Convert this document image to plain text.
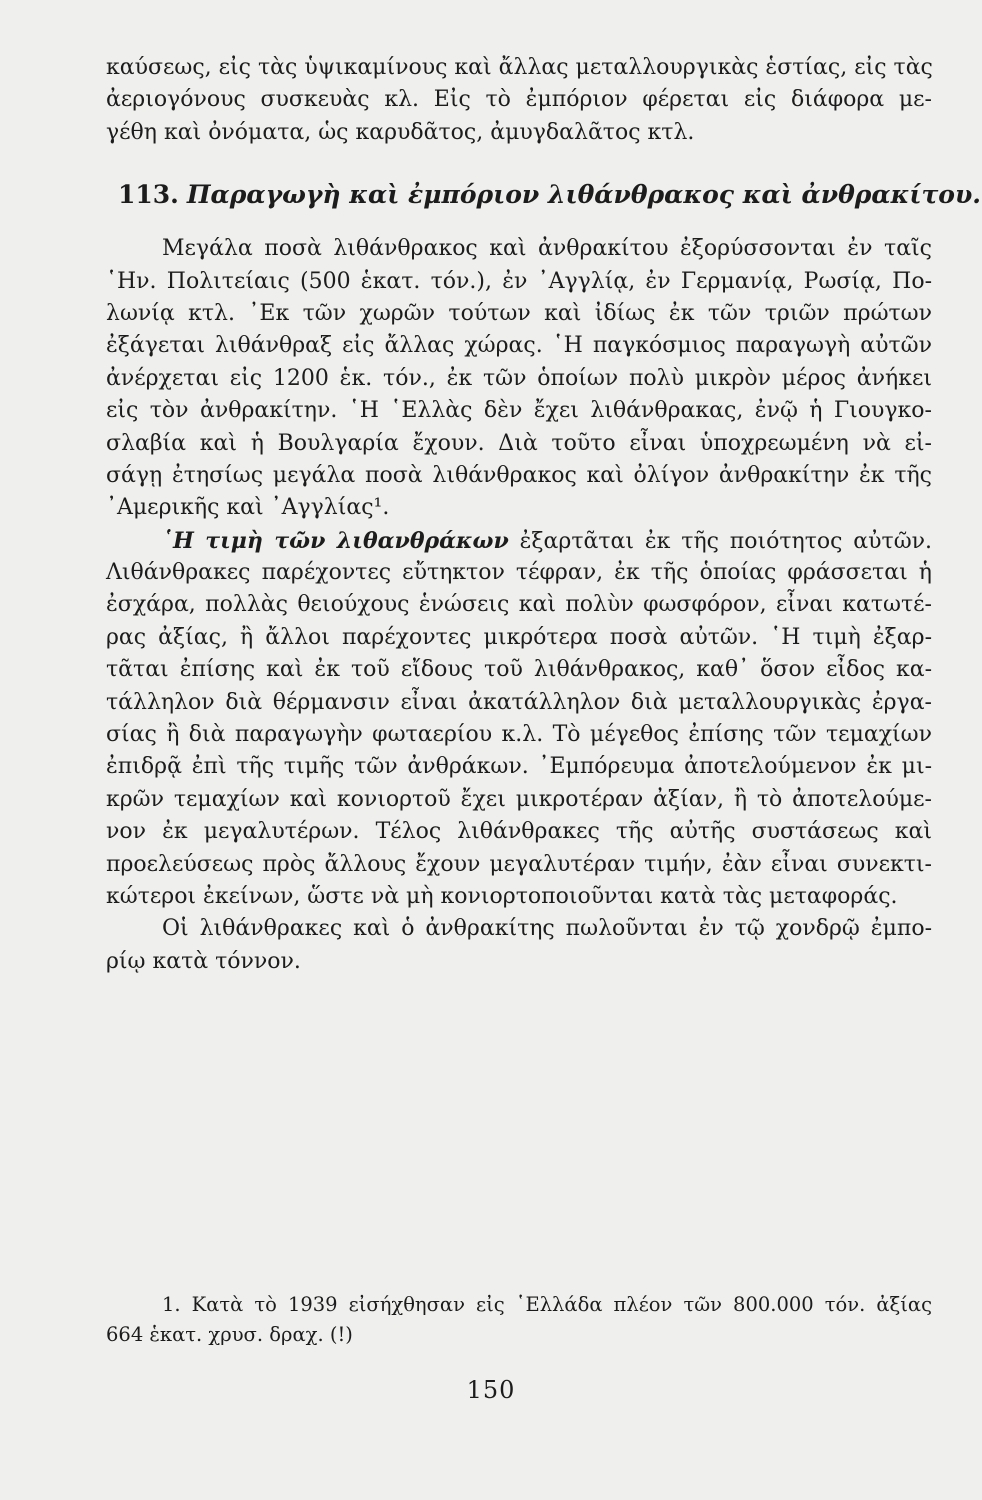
καύσεως, εἰς τὰς ὑψικαμίνους καὶ ἄλλας μεταλλουργικὰς ἑστίας, εἰς τὰς
ἀεριογόνους συσκευὰς κλ. Εἰς τὸ ἐμπόριον φέρεται εἰς διάφορα με-
γέθη καὶ ὀνόματα, ὡς καρυδᾶτος, ἀμυγδαλᾶτος κτλ.
113. Παραγωγὴ καὶ ἐμπόριον λιθάνθρακος καὶ ἀνθρακίτου.
Μεγάλα ποσὰ λιθάνθρακος καὶ ἀνθρακίτου ἐξορύσσονται ἐν ταῖς
῾Ην. Πολιτείαις (500 ἑκατ. τόν.), ἐν ᾿Αγγλίᾳ, ἐν Γερμανίᾳ, Ρωσίᾳ, Πο-
λωνίᾳ κτλ. ᾿Εκ τῶν χωρῶν τούτων καὶ ἰδίως ἐκ τῶν τριῶν πρώτων
ἐξάγεται λιθάνθραξ εἰς ἄλλας χώρας. ῾Η παγκόσμιος παραγωγὴ αὐτῶν
ἀνέρχεται εἰς 1200 ἑκ. τόν., ἐκ τῶν ὁποίων πολὺ μικρὸν μέρος ἀνήκει
εἰς τὸν ἀνθρακίτην. ῾Η ῾Ελλὰς δὲν ἔχει λιθάνθρακας, ἐνῷ ἡ Γιουγκο-
σλαβία καὶ ἡ Βουλγαρία ἔχουν. Διὰ τοῦτο εἶναι ὑποχρεωμένη νὰ εἰ-
σάγῃ ἐτησίως μεγάλα ποσὰ λιθάνθρακος καὶ ὀλίγον ἀνθρακίτην ἐκ τῆς
᾿Αμερικῆς καὶ ᾿Αγγλίας¹.
῾Η τιμὴ τῶν λιθανθράκων ἐξαρτᾶται ἐκ τῆς ποιότητος αὐτῶν.
Λιθάνθρακες παρέχοντες εὔτηκτον τέφραν, ἐκ τῆς ὁποίας φράσσεται ἡ
ἐσχάρα, πολλὰς θειούχους ἑνώσεις καὶ πολὺν φωσφόρον, εἶναι κατωτέ-
ρας ἀξίας, ἢ ἄλλοι παρέχοντες μικρότερα ποσὰ αὐτῶν. ῾Η τιμὴ ἐξαρ-
τᾶται ἐπίσης καὶ ἐκ τοῦ εἴδους τοῦ λιθάνθρακος, καθ᾿ ὅσον εἶδος κα-
τάλληλον διὰ θέρμανσιν εἶναι ἀκατάλληλον διὰ μεταλλουργικὰς ἐργα-
σίας ἢ διὰ παραγωγὴν φωταερίου κ.λ. Τὸ μέγεθος ἐπίσης τῶν τεμαχίων
ἐπιδρᾷ ἐπὶ τῆς τιμῆς τῶν ἀνθράκων. ᾿Εμπόρευμα ἀποτελούμενον ἐκ μι-
κρῶν τεμαχίων καὶ κονιορτοῦ ἔχει μικροτέραν ἀξίαν, ἢ τὸ ἀποτελούμε-
νον ἐκ μεγαλυτέρων. Τέλος λιθάνθρακες τῆς αὐτῆς συστάσεως καὶ
προελεύσεως πρὸς ἄλλους ἔχουν μεγαλυτέραν τιμήν, ἐὰν εἶναι συνεκτι-
κώτεροι ἐκείνων, ὥστε νὰ μὴ κονιορτοποιοῦνται κατὰ τὰς μεταφοράς.
Οἱ λιθάνθρακες καὶ ὁ ἀνθρακίτης πωλοῦνται ἐν τῷ χονδρῷ ἐμπο-
ρίῳ κατὰ τόννον.
1. Κατὰ τὸ 1939 εἰσήχθησαν εἰς ῾Ελλάδα πλέον τῶν 800.000 τόν. ἀξίας
664 ἑκατ. χρυσ. δραχ. (!)
150
